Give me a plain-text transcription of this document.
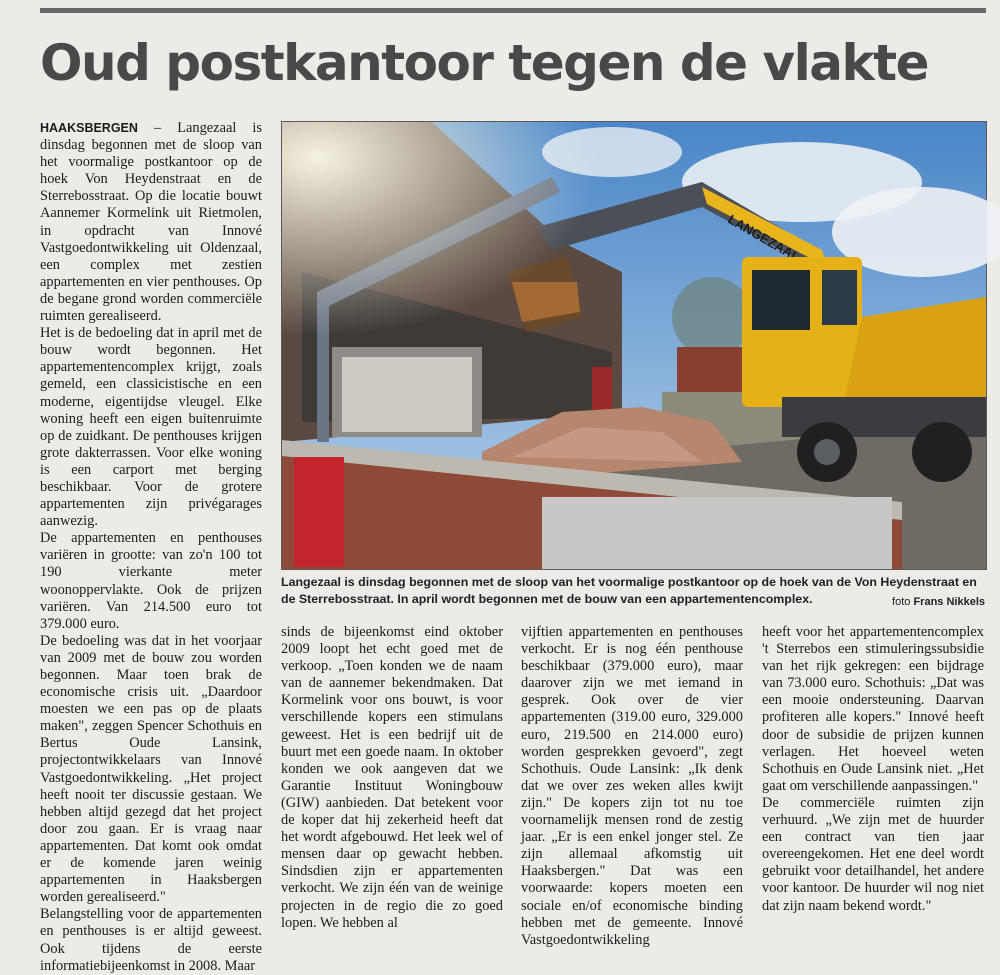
Oud postkantoor tegen de vlakte

HAAKSBERGEN – Langezaal is dinsdag begonnen met de sloop van het voormalige postkantoor op de hoek Von Heydenstraat en de Sterrebosstraat. Op die locatie bouwt Aannemer Kormelink uit Rietmolen, in opdracht van Innové Vastgoedontwikkeling uit Oldenzaal, een complex met zestien appartementen en vier penthouses. Op de begane grond worden commerciële ruimten gerealiseerd.

Het is de bedoeling dat in april met de bouw wordt begonnen. Het appartementencomplex krijgt, zoals gemeld, een classicistische en een moderne, eigentijdse vleugel. Elke woning heeft een eigen buitenruimte op de zuidkant. De penthouses krijgen grote dakterrassen. Voor elke woning is een carport met berging beschikbaar. Voor de grotere appartementen zijn privégarages aanwezig.

De appartementen en penthouses variëren in grootte: van zo'n 100 tot 190 vierkante meter woonoppervlakte. Ook de prijzen variëren. Van 214.500 euro tot 379.000 euro.

De bedoeling was dat in het voorjaar van 2009 met de bouw zou worden begonnen. Maar toen brak de economische crisis uit. „Daardoor moesten we een pas op de plaats maken", zeggen Spencer Schothuis en Bertus Oude Lansink, projectontwikkelaars van Innové Vastgoedontwikkeling. „Het project heeft nooit ter discussie gestaan. We hebben altijd gezegd dat het project door zou gaan. Er is vraag naar appartementen. Dat komt ook omdat er de komende jaren weinig appartementen in Haaksbergen worden gerealiseerd."

Belangstelling voor de appartementen en penthouses is er altijd geweest. Ook tijdens de eerste informatiebijeenkomst in 2008. Maar

Langezaal is dinsdag begonnen met de sloop van het voormalige postkantoor op de hoek van de Von Heydenstraat en de Sterrebosstraat. In april wordt begonnen met de bouw van een appartementencomplex.	foto Frans Nikkels

sinds de bijeenkomst eind oktober 2009 loopt het echt goed met de verkoop. „Toen konden we de naam van de aannemer bekendmaken. Dat Kormelink voor ons bouwt, is voor verschillende kopers een stimulans geweest. Het is een bedrijf uit de buurt met een goede naam. In oktober konden we ook aangeven dat we Garantie Instituut Woningbouw (GIW) aanbieden. Dat betekent voor de koper dat hij zekerheid heeft dat het wordt afgebouwd. Het leek wel of mensen daar op gewacht hebben. Sindsdien zijn er appartementen verkocht. We zijn één van de weinige projecten in de regio die zo goed lopen. We hebben al

vijftien appartementen en penthouses verkocht. Er is nog één penthouse beschikbaar (379.000 euro), maar daarover zijn we met iemand in gesprek. Ook over de vier appartementen (319.00 euro, 329.000 euro, 219.500 en 214.000 euro) worden gesprekken gevoerd", zegt Schothuis. Oude Lansink: „Ik denk dat we over zes weken alles kwijt zijn." De kopers zijn tot nu toe voornamelijk mensen rond de zestig jaar. „Er is een enkel jonger stel. Ze zijn allemaal afkomstig uit Haaksbergen." Dat was een voorwaarde: kopers moeten een sociale en/of economische binding hebben met de gemeente. Innové Vastgoedontwikkeling

heeft voor het appartementencomplex 't Sterrebos een stimuleringssubsidie van het rijk gekregen: een bijdrage van 73.000 euro. Schothuis: „Dat was een mooie ondersteuning. Daarvan profiteren alle kopers." Innové heeft door de subsidie de prijzen kunnen verlagen. Het hoeveel weten Schothuis en Oude Lansink niet. „Het gaat om verschillende aanpassingen."

De commerciële ruimten zijn verhuurd. „We zijn met de huurder een contract van tien jaar overeengekomen. Het ene deel wordt gebruikt voor detailhandel, het andere voor kantoor. De huurder wil nog niet dat zijn naam bekend wordt."
